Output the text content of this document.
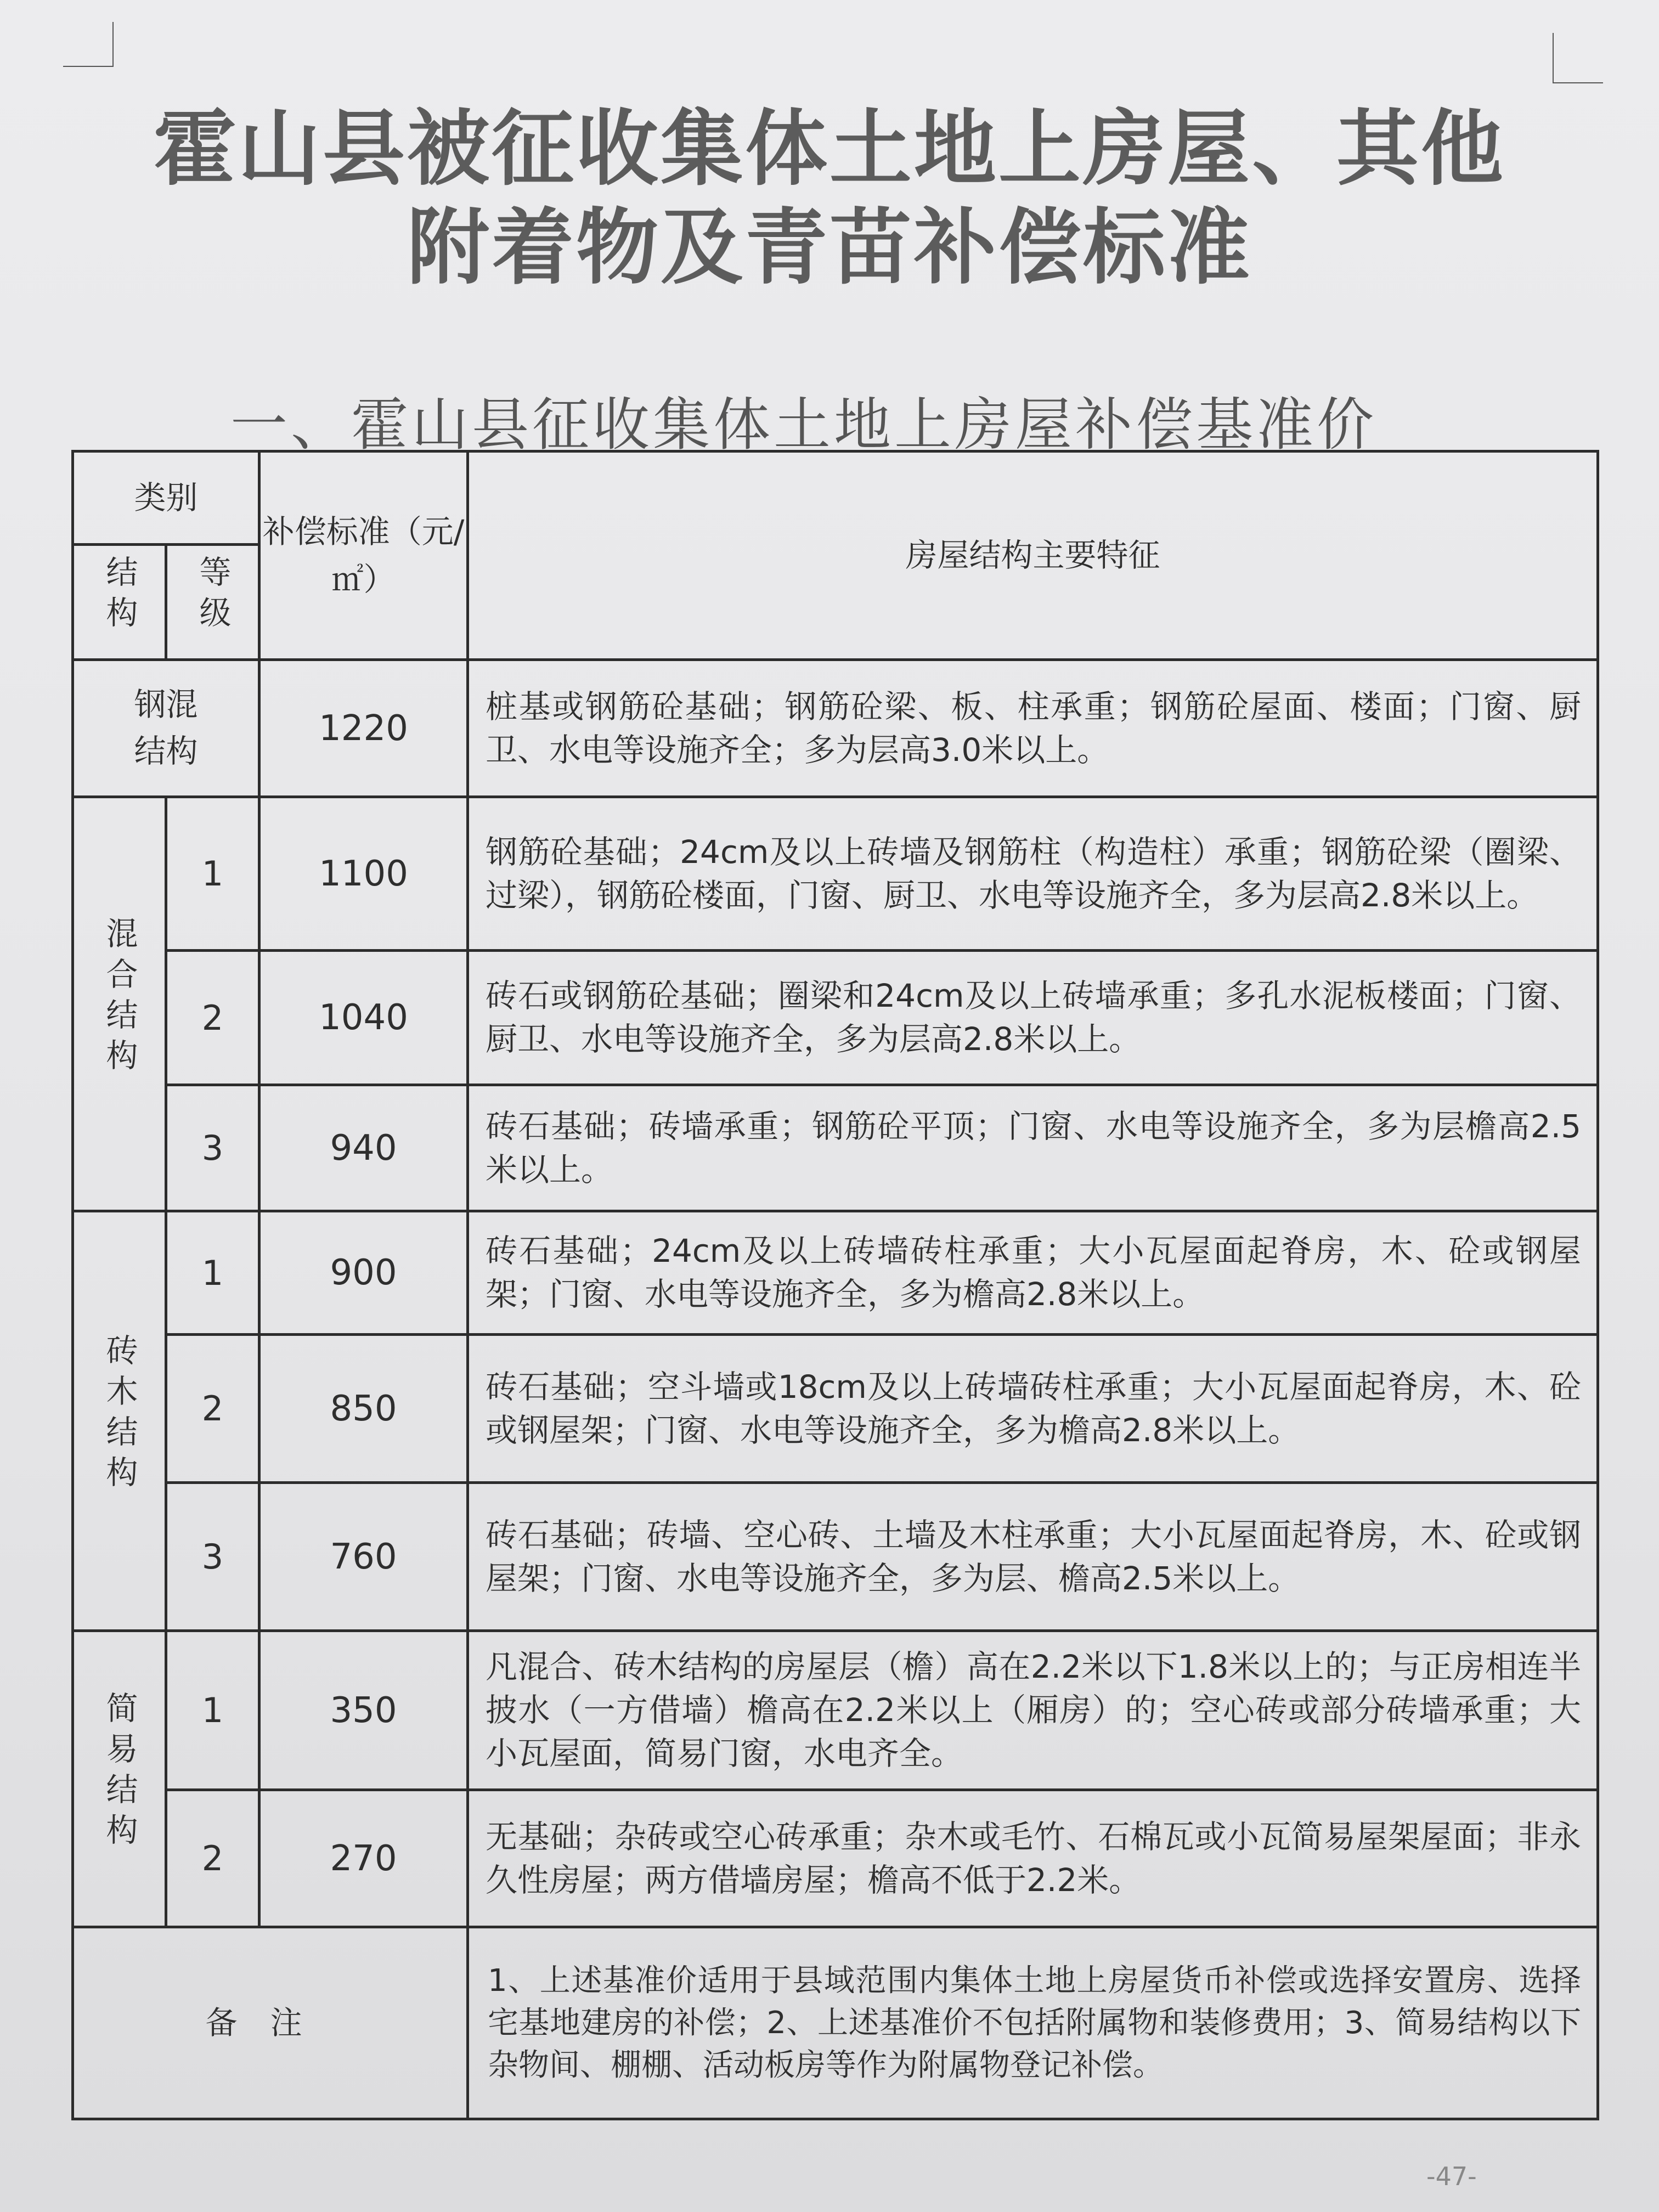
霍山县被征收集体土地上房屋、其他
附着物及青苗补偿标准
一、霍山县征收集体土地上房屋补偿基准价
类别		补偿标准（元/㎡）	房屋结构主要特征
结构	等级		
钢混结构		1220	桩基或钢筋砼基础；钢筋砼梁、板、柱承重；钢筋砼屋面、楼面；门窗、厨卫、水电等设施齐全；多为层高3.0米以上。
混合结构	1	1100	钢筋砼基础；24cm及以上砖墙及钢筋柱（构造柱）承重；钢筋砼梁（圈梁、过梁），钢筋砼楼面，门窗、厨卫、水电等设施齐全，多为层高2.8米以上。
	2	1040	砖石或钢筋砼基础；圈梁和24cm及以上砖墙承重；多孔水泥板楼面；门窗、厨卫、水电等设施齐全，多为层高2.8米以上。
	3	940	砖石基础；砖墙承重；钢筋砼平顶；门窗、水电等设施齐全，多为层檐高2.5米以上。
砖木结构	1	900	砖石基础；24cm及以上砖墙砖柱承重；大小瓦屋面起脊房，木、砼或钢屋架；门窗、水电等设施齐全，多为檐高2.8米以上。
	2	850	砖石基础；空斗墙或18cm及以上砖墙砖柱承重；大小瓦屋面起脊房，木、砼或钢屋架；门窗、水电等设施齐全，多为檐高2.8米以上。
	3	760	砖石基础；砖墙、空心砖、土墙及木柱承重；大小瓦屋面起脊房，木、砼或钢屋架；门窗、水电等设施齐全，多为层、檐高2.5米以上。
简易结构	1	350	凡混合、砖木结构的房屋层（檐）高在2.2米以下1.8米以上的；与正房相连半披水（一方借墙）檐高在2.2米以上（厢房）的；空心砖或部分砖墙承重；大小瓦屋面，简易门窗，水电齐全。
	2	270	无基础；杂砖或空心砖承重；杂木或毛竹、石棉瓦或小瓦简易屋架屋面；非永久性房屋；两方借墙房屋；檐高不低于2.2米。
备注			1、上述基准价适用于县域范围内集体土地上房屋货币补偿或选择安置房、选择宅基地建房的补偿；2、上述基准价不包括附属物和装修费用；3、简易结构以下杂物间、棚棚、活动板房等作为附属物登记补偿。
-47-
